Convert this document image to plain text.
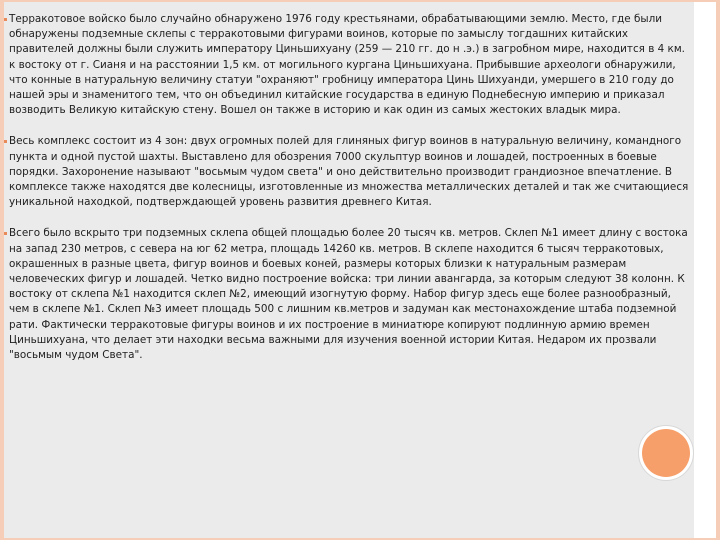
Терракотовое войско было случайно обнаружено 1976 году крестьянами, обрабатывающими землю. Место, где были обнаружены подземные склепы с терракотовыми фигурами воинов, которые по замыслу тогдашних китайских правителей должны были служить императору Циньшихуану (259 — 210 гг. до н .э.) в загробном мире, находится в 4 км. к востоку от г. Сианя и на расстоянии 1,5 км. от могильного кургана Циньшихуана. Прибывшие археологи обнаружили, что конные в натуральную величину статуи "охраняют" гробницу императора Цинь Шихуанди, умершего в 210 году до нашей эры и знаменитого тем, что он объединил китайские государства в единую Поднебесную империю и приказал возводить Великую китайскую стену. Вошел он также в историю и как один из самых жестоких владык мира.
Весь комплекс состоит из 4 зон: двух огромных полей для глиняных фигур воинов в натуральную величину, командного пункта и одной пустой шахты. Выставлено для обозрения 7000 скульптур воинов и лошадей, построенных в боевые порядки. Захоронение называют "восьмым чудом света" и оно действительно производит грандиозное впечатление. В комплексе также находятся две колесницы, изготовленные из множества металлических деталей и так же считающиеся уникальной находкой, подтверждающей уровень развития древнего Китая.
Всего было вскрыто три подземных склепа общей площадью более 20 тысяч кв. метров. Склеп №1 имеет длину с востока на запад 230 метров, с севера на юг 62 метра, площадь 14260 кв. метров. В склепе находится 6 тысяч терракотовых, окрашенных в разные цвета, фигур воинов и боевых коней, размеры которых близки к натуральным размерам человеческих фигур и лошадей. Четко видно построение войска: три линии авангарда, за которым следуют 38 колонн. К востоку от склепа №1 находится склеп №2, имеющий изогнутую форму. Набор фигур здесь еще более разнообразный, чем в склепе №1. Склеп №3 имеет площадь 500 с лишним кв.метров и задуман как местонахождение штаба подземной рати. Фактически терракотовые фигуры воинов и их построение в миниатюре копируют подлинную армию времен Циньшихуана, что делает эти находки весьма важными для изучения военной истории Китая. Недаром их прозвали "восьмым чудом Света".
